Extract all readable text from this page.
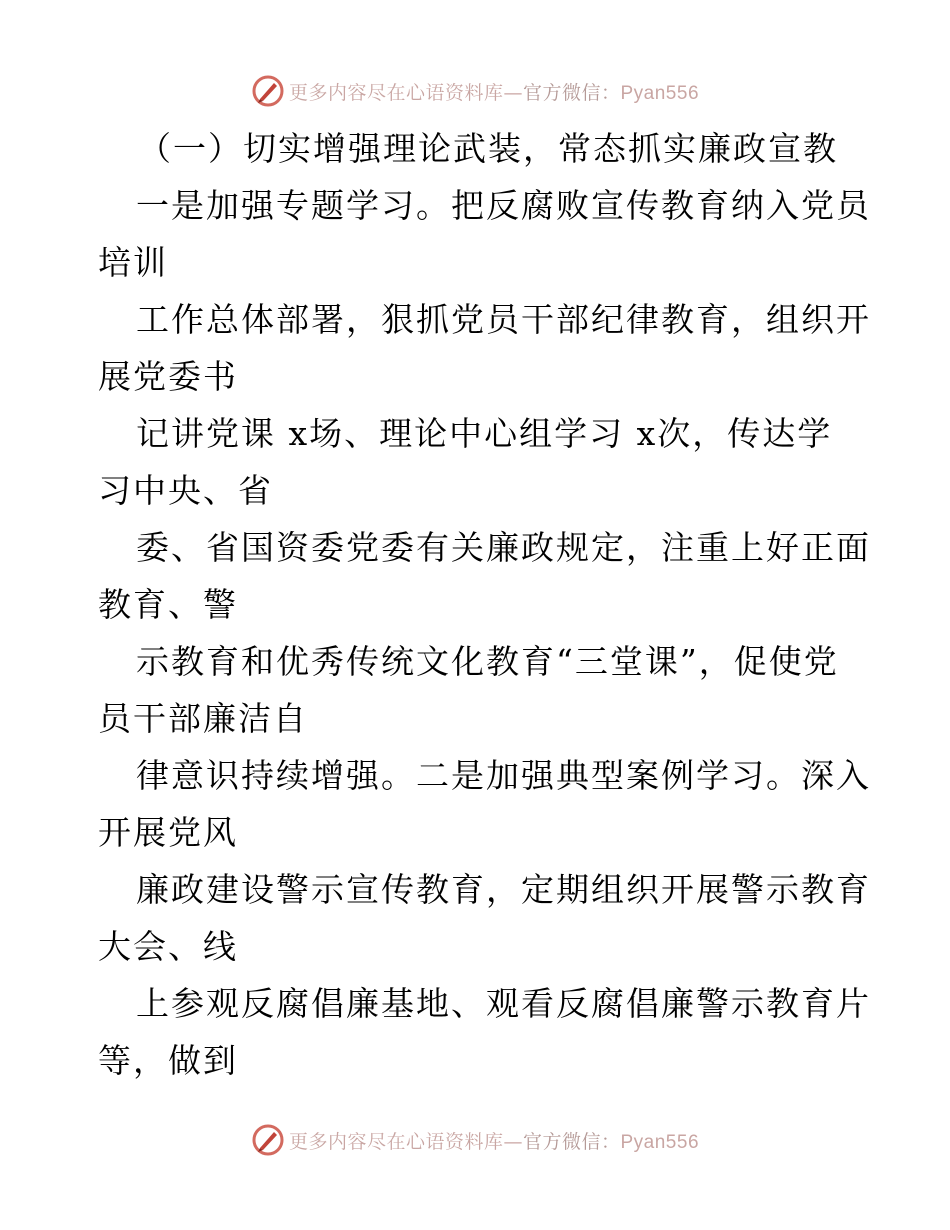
更多内容尽在心语资料库—官方微信：Pyan556
（一）切实增强理论武装，常态抓实廉政宣教
一是加强专题学习。把反腐败宣传教育纳入党员
培训
工作总体部署，狠抓党员干部纪律教育，组织开
展党委书
记讲党课 x场、理论中心组学习 x次，传达学
习中央、省
委、省国资委党委有关廉政规定，注重上好正面
教育、警
示教育和优秀传统文化教育“三堂课”，促使党
员干部廉洁自
律意识持续增强。二是加强典型案例学习。深入
开展党风
廉政建设警示宣传教育，定期组织开展警示教育
大会、线
上参观反腐倡廉基地、观看反腐倡廉警示教育片
等，做到
更多内容尽在心语资料库—官方微信：Pyan556
